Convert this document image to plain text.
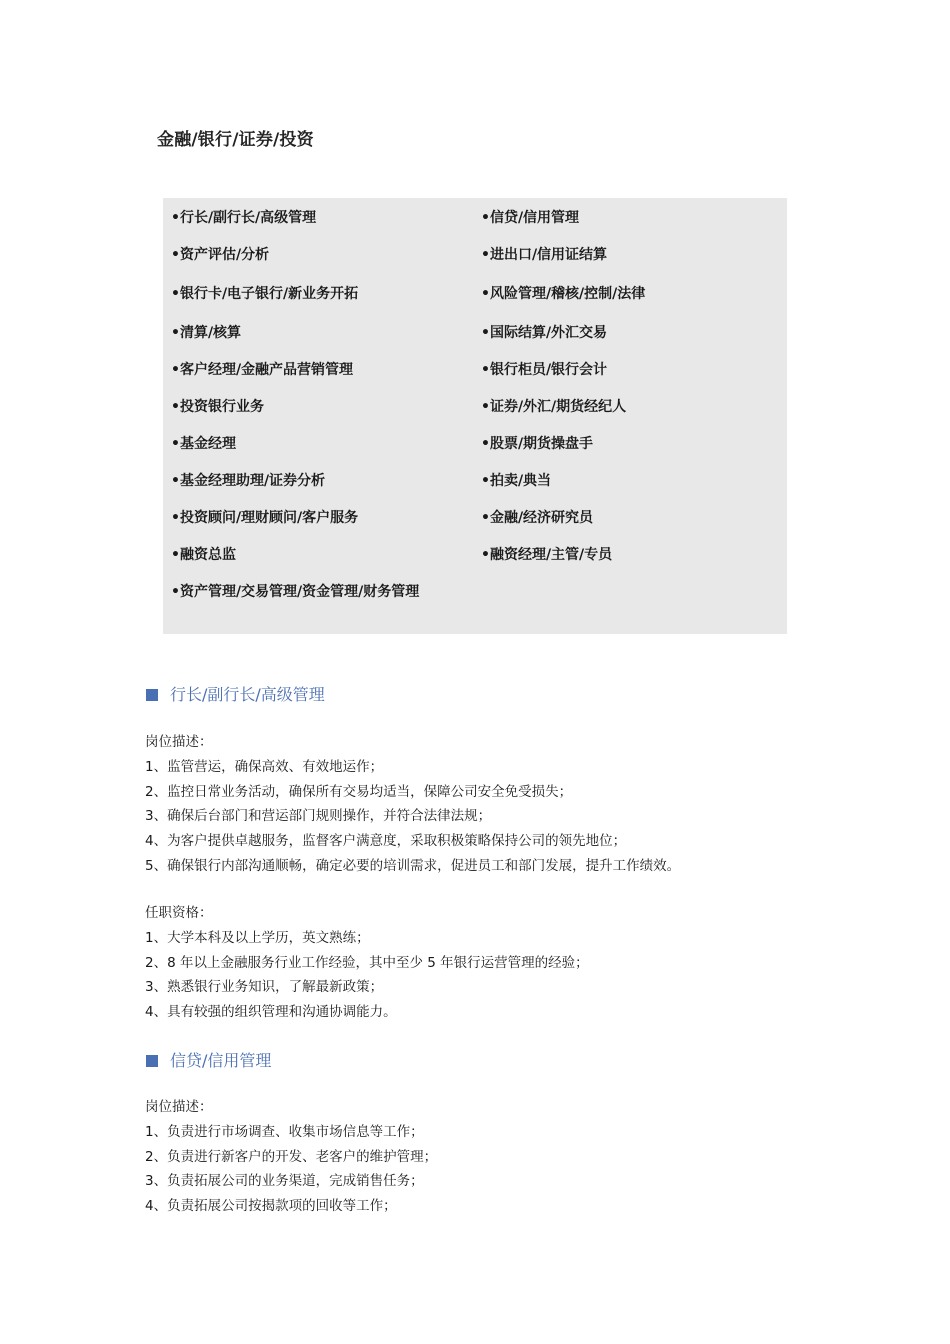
金融/银行/证券/投资
•行长/副行长/高级管理
•资产评估/分析
•银行卡/电子银行/新业务开拓
•清算/核算
•客户经理/金融产品营销管理
•投资银行业务
•基金经理
•基金经理助理/证券分析
•投资顾问/理财顾问/客户服务
•融资总监
•资产管理/交易管理/资金管理/财务管理
•信贷/信用管理
•进出口/信用证结算
•风险管理/稽核/控制/法律
•国际结算/外汇交易
•银行柜员/银行会计
•证券/外汇/期货经纪人
•股票/期货操盘手
•拍卖/典当
•金融/经济研究员
•融资经理/主管/专员
行长/副行长/高级管理
岗位描述：
1、监管营运，确保高效、有效地运作；
2、监控日常业务活动，确保所有交易均适当，保障公司安全免受损失；
3、确保后台部门和营运部门规则操作，并符合法律法规；
4、为客户提供卓越服务，监督客户满意度，采取积极策略保持公司的领先地位；
5、确保银行内部沟通顺畅，确定必要的培训需求，促进员工和部门发展，提升工作绩效。
任职资格：
1、大学本科及以上学历，英文熟练；
2、8 年以上金融服务行业工作经验，其中至少 5 年银行运营管理的经验；
3、熟悉银行业务知识，了解最新政策；
4、具有较强的组织管理和沟通协调能力。
信贷/信用管理
岗位描述：
1、负责进行市场调查、收集市场信息等工作；
2、负责进行新客户的开发、老客户的维护管理；
3、负责拓展公司的业务渠道，完成销售任务；
4、负责拓展公司按揭款项的回收等工作；
